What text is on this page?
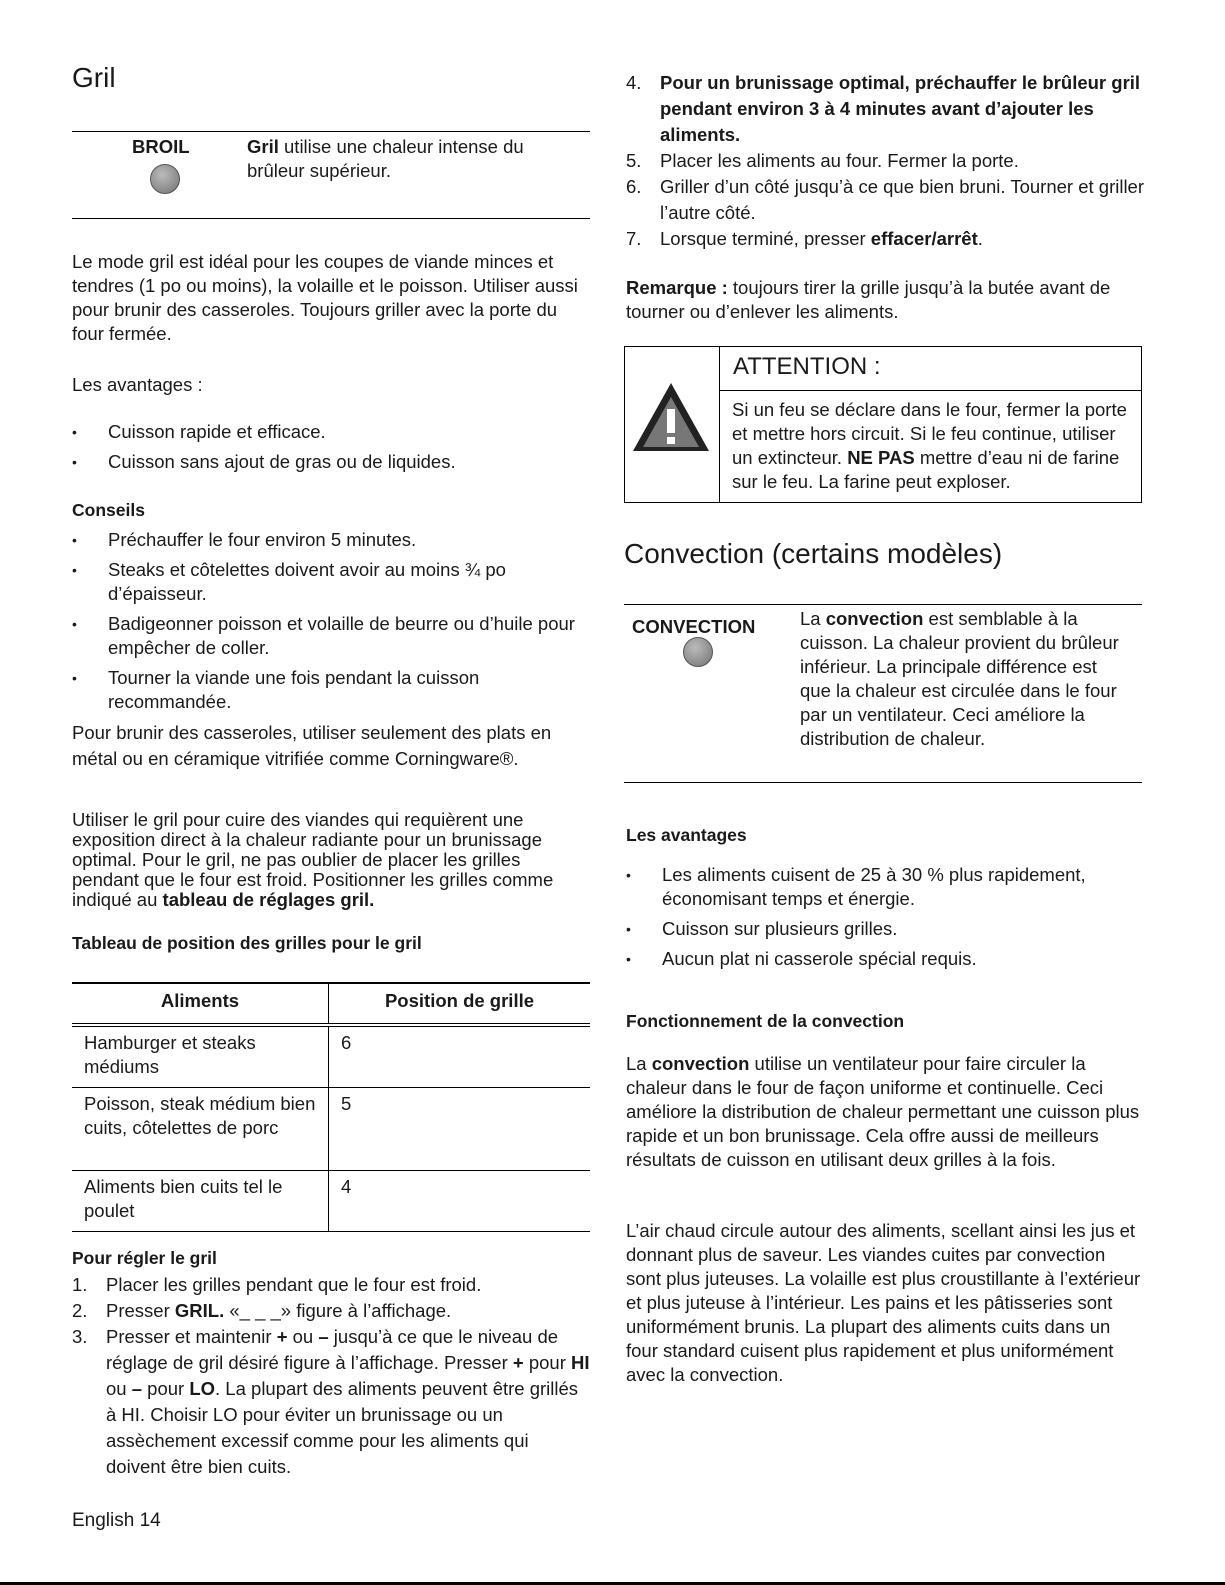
Gril
BROIL	Gril utilise une chaleur intense du brûleur supérieur.

Le mode gril est idéal pour les coupes de viande minces et tendres (1 po ou moins), la volaille et le poisson. Utiliser aussi pour brunir des casseroles. Toujours griller avec la porte du four fermée.

Les avantages :

• Cuisson rapide et efficace.
• Cuisson sans ajout de gras ou de liquides.
Conseils
• Préchauffer le four environ 5 minutes.
• Steaks et côtelettes doivent avoir au moins ¾ po d’épaisseur.
• Badigeonner poisson et volaille de beurre ou d’huile pour empêcher de coller.
• Tourner la viande une fois pendant la cuisson recommandée.

Pour brunir des casseroles, utiliser seulement des plats en métal ou en céramique vitrifiée comme Corningware®.

Utiliser le gril pour cuire des viandes qui requièrent une exposition direct à la chaleur radiante pour un brunissage optimal. Pour le gril, ne pas oublier de placer les grilles pendant que le four est froid. Positionner les grilles comme indiqué au tableau de réglages gril.

Tableau de position des grilles pour le gril
Aliments	Position de grille
Hamburger et steaks médiums	6
Poisson, steak médium bien cuits, côtelettes de porc	5
Aliments bien cuits tel le poulet	4
Pour régler le gril
1. Placer les grilles pendant que le four est froid.
2. Presser GRIL. «_ _ _» figure à l’affichage.
3. Presser et maintenir + ou – jusqu’à ce que le niveau de réglage de gril désiré figure à l’affichage. Presser + pour HI ou – pour LO. La plupart des aliments peuvent être grillés à HI. Choisir LO pour éviter un brunissage ou un assèchement excessif comme pour les aliments qui doivent être bien cuits.
English 14
4. Pour un brunissage optimal, préchauffer le brûleur gril pendant environ 3 à 4 minutes avant d’ajouter les aliments.
5. Placer les aliments au four. Fermer la porte.
6. Griller d’un côté jusqu’à ce que bien bruni. Tourner et griller l’autre côté.
7. Lorsque terminé, presser effacer/arrêt.

Remarque : toujours tirer la grille jusqu’à la butée avant de tourner ou d’enlever les aliments.

ATTENTION :

Si un feu se déclare dans le four, fermer la porte et mettre hors circuit. Si le feu continue, utiliser un extincteur. NE PAS mettre d’eau ni de farine sur le feu. La farine peut exploser.

Convection (certains modèles)
CONVECTION La convection est semblable à la cuisson. La chaleur provient du brûleur inférieur. La principale différence est que la chaleur est circulée dans le four par un ventilateur. Ceci améliore la distribution de chaleur.

Les avantages
• Les aliments cuisent de 25 à 30 % plus rapidement, économisant temps et énergie.
• Cuisson sur plusieurs grilles.
• Aucun plat ni casserole spécial requis.
Fonctionnement de la convection

La convection utilise un ventilateur pour faire circuler la chaleur dans le four de façon uniforme et continuelle. Ceci améliore la distribution de chaleur permettant une cuisson plus rapide et un bon brunissage. Cela offre aussi de meilleurs résultats de cuisson en utilisant deux grilles à la fois.

L’air chaud circule autour des aliments, scellant ainsi les jus et donnant plus de saveur. Les viandes cuites par convection sont plus juteuses. La volaille est plus croustillante à l’extérieur et plus juteuse à l’intérieur. Les pains et les pâtisseries sont uniformément brunis. La plupart des aliments cuits dans un four standard cuisent plus rapidement et plus uniformément avec la convection.
